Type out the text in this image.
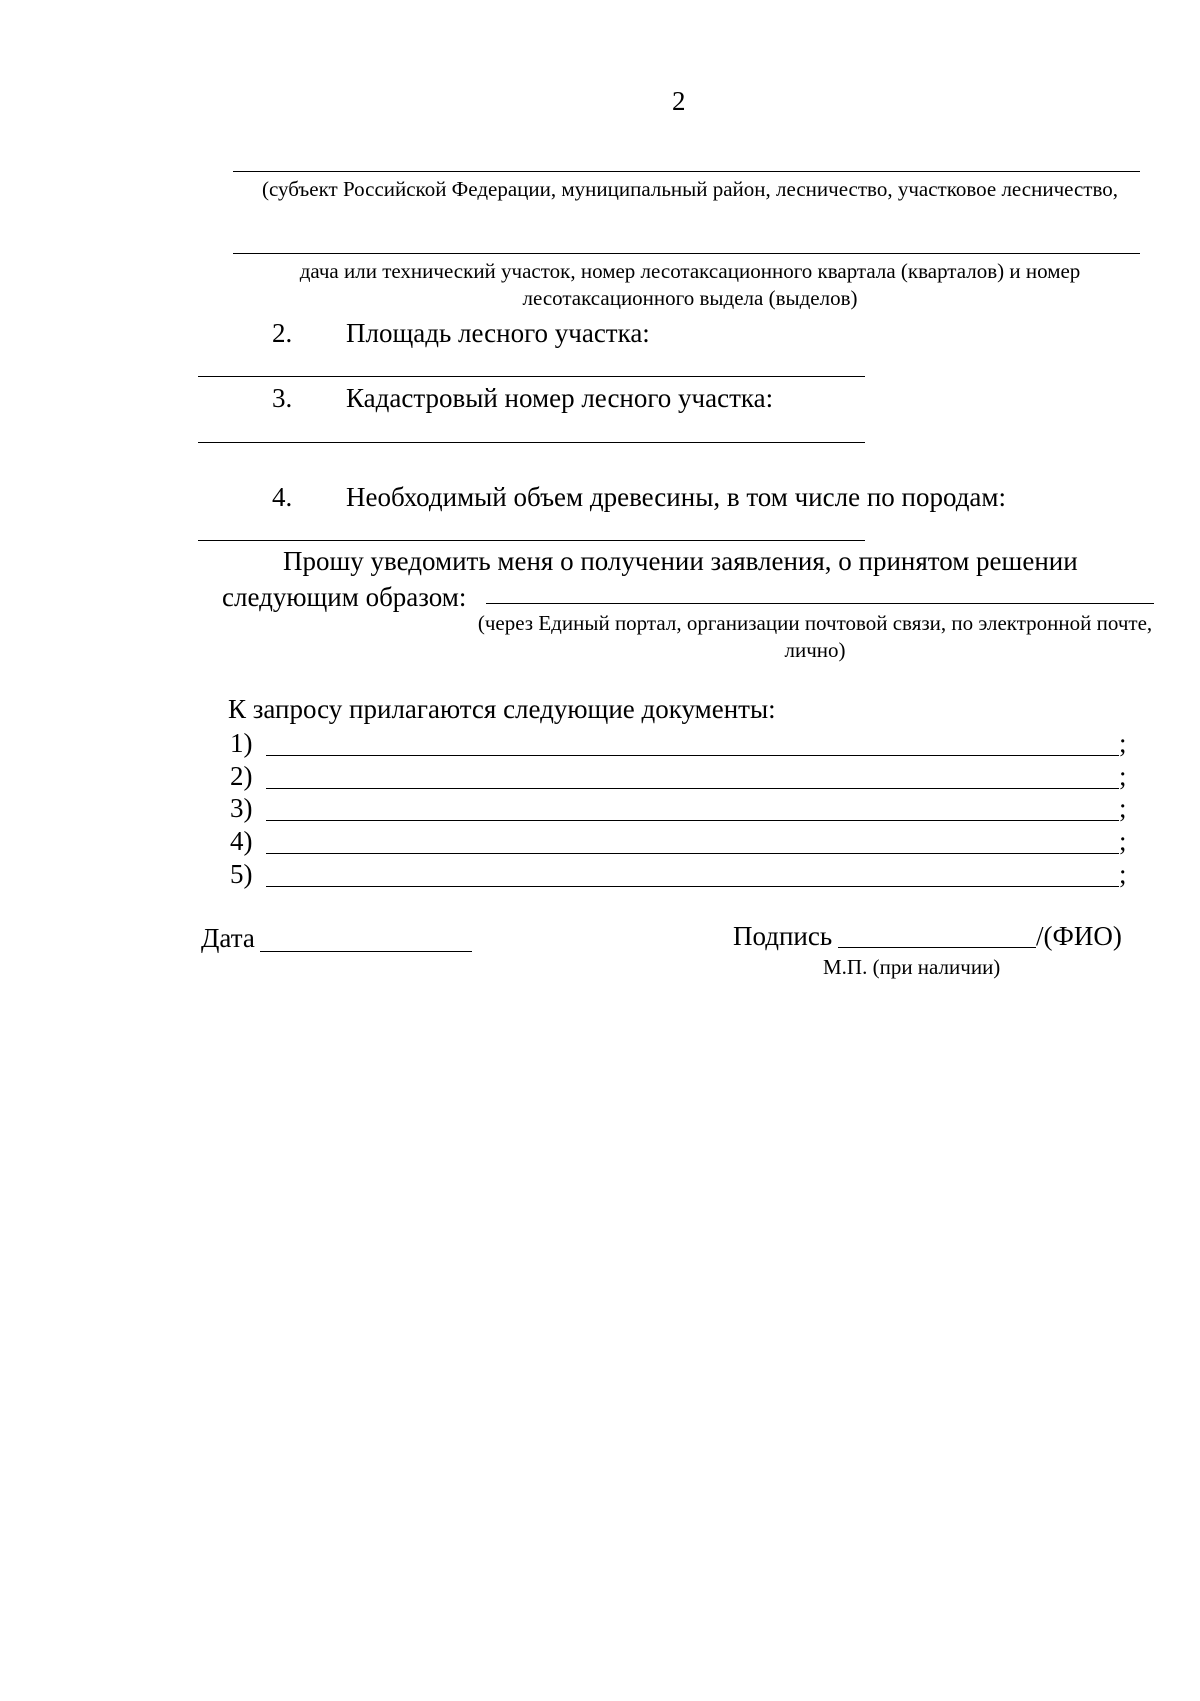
2
(субъект Российской Федерации, муниципальный район, лесничество, участковое лесничество,
дача или технический участок, номер лесотаксационного квартала (кварталов) и номер лесотаксационного выдела (выделов)
2. Площадь лесного участка:
3. Кадастровый номер лесного участка:
4. Необходимый объем древесины, в том числе по породам:
Прошу уведомить меня о получении заявления, о принятом решении
следующим образом:
(через Единый портал, организации почтовой связи, по электронной почте, лично)
К запросу прилагаются следующие документы:
1)	;
2)	;
3)	;
4)	;
5)	;
Дата	Подпись	/(ФИО)
М.П. (при наличии)
